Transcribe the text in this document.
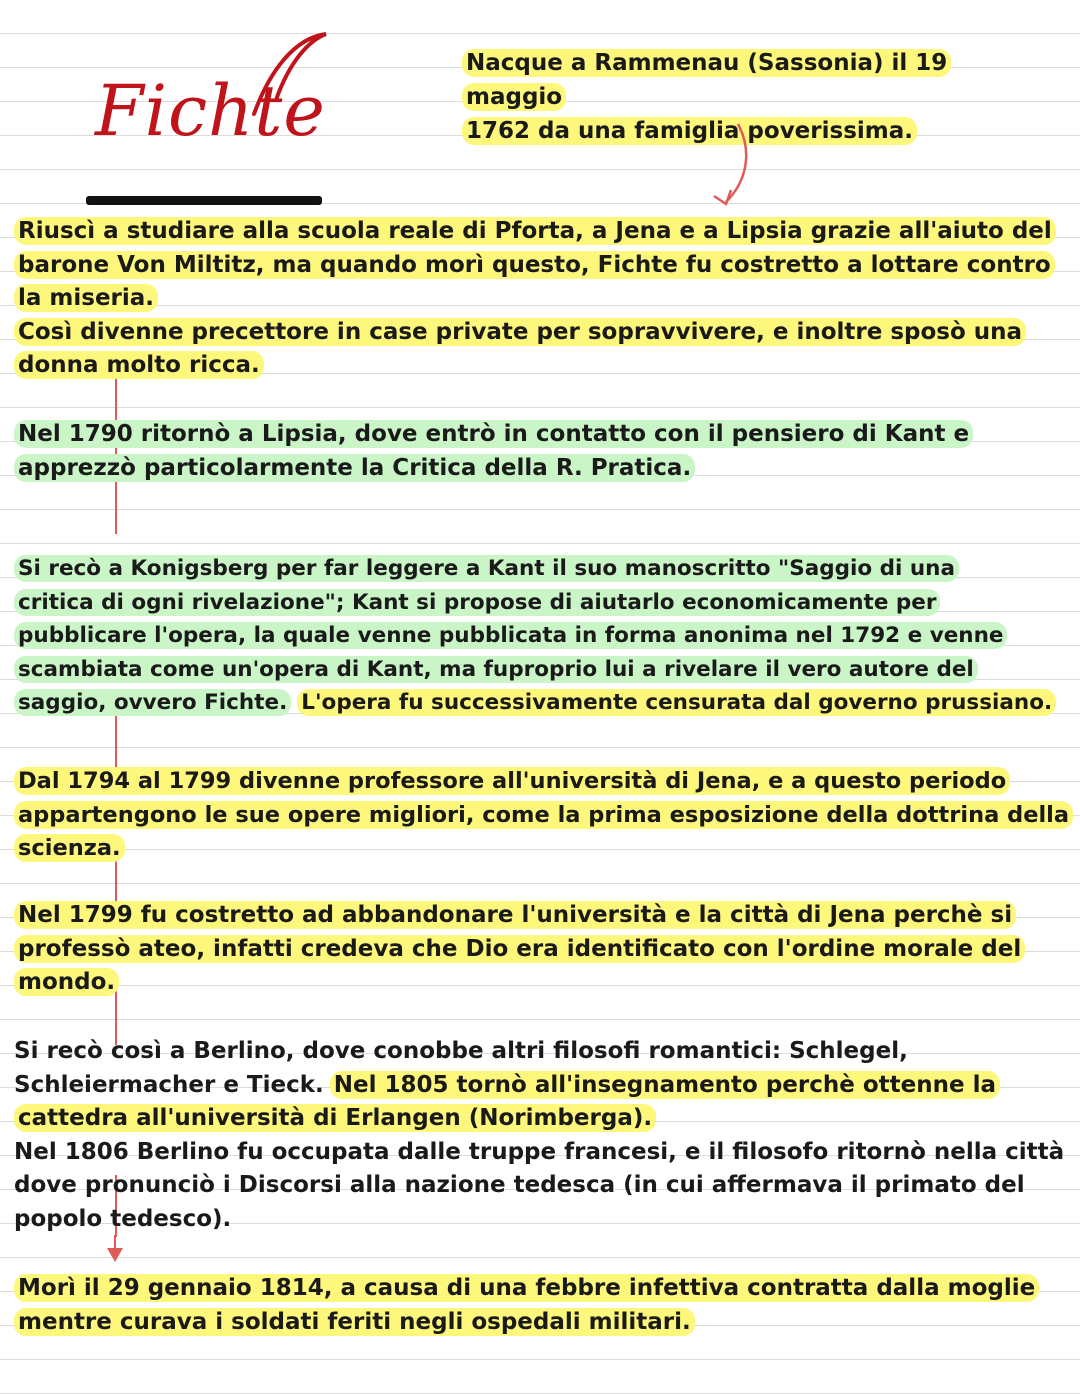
Fichte
Nacque a Rammenau (Sassonia) il 19 maggio
1762 da una famiglia poverissima.
Riuscì a studiare alla scuola reale di Pforta, a Jena e a Lipsia grazie all'aiuto del
barone Von Miltitz, ma quando morì questo, Fichte fu costretto a lottare contro
la miseria.
Così divenne precettore in case private per sopravvivere, e inoltre sposò una
donna molto ricca.
Nel 1790 ritornò a Lipsia, dove entrò in contatto con il pensiero di Kant e
apprezzò particolarmente la Critica della R. Pratica.
Si recò a Konigsberg per far leggere a Kant il suo manoscritto "Saggio di una
critica di ogni rivelazione"; Kant si propose di aiutarlo economicamente per
pubblicare l'opera, la quale venne pubblicata in forma anonima nel 1792 e venne
scambiata come un'opera di Kant, ma fuproprio lui a rivelare il vero autore del
saggio, ovvero Fichte. L'opera fu successivamente censurata dal governo prussiano.
Dal 1794 al 1799 divenne professore all'università di Jena, e a questo periodo
appartengono le sue opere migliori, come la prima esposizione della dottrina della
scienza.
Nel 1799 fu costretto ad abbandonare l'università e la città di Jena perchè si
professò ateo, infatti credeva che Dio era identificato con l'ordine morale del
mondo.
Si recò così a Berlino, dove conobbe altri filosofi romantici: Schlegel,
Schleiermacher e Tieck. Nel 1805 tornò all'insegnamento perchè ottenne la
cattedra all'università di Erlangen (Norimberga).
Nel 1806 Berlino fu occupata dalle truppe francesi, e il filosofo ritornò nella città
dove pronunciò i Discorsi alla nazione tedesca (in cui affermava il primato del
popolo tedesco).
Morì il 29 gennaio 1814, a causa di una febbre infettiva contratta dalla moglie
mentre curava i soldati feriti negli ospedali militari.
